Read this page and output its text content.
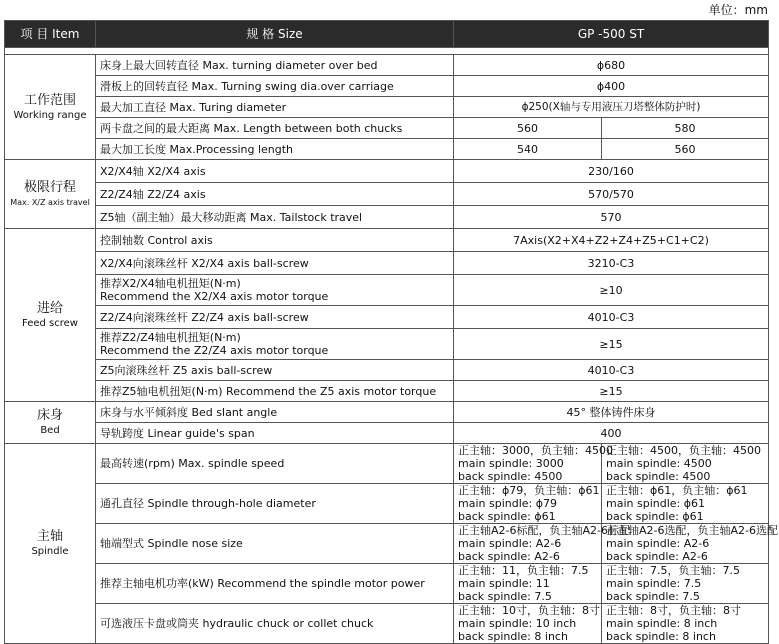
单位：mm
项 目 Item	规 格 Size	GP -500 ST	

工作范围
Working range	床身上最大回转直径 Max. turning diameter over bed	ϕ680	
	滑板上的回转直径 Max. Turning swing dia.over carriage	ϕ400	
	最大加工直径 Max. Turing diameter	ϕ250(X轴与专用液压刀塔整体防护时)	
	两卡盘之间的最大距离 Max. Length between both chucks	560	580
	最大加工长度 Max.Processing length	540	560

极限行程
Max. X/Z axis travel	X2/X4轴 X2/X4 axis	230/160	
	Z2/Z4轴 Z2/Z4 axis	570/570	
	Z5轴（副主轴）最大移动距离 Max. Tailstock travel	570	

进给
Feed screw	控制轴数 Control axis	7Axis(X2+X4+Z2+Z4+Z5+C1+C2)	
	X2/X4向滚珠丝杆 X2/X4 axis ball-screw	3210-C3	

	推荐X2/X4轴电机扭矩(N·m)
Recommend the X2/X4 axis motor torque	≥10	
	Z2/Z4向滚珠丝杆 Z2/Z4 axis ball-screw	4010-C3	

	推荐Z2/Z4轴电机扭矩(N·m)
Recommend the Z2/Z4 axis motor torque	≥15	
	Z5向滚珠丝杆 Z5 axis ball-screw	4010-C3	
	推荐Z5轴电机扭矩(N·m) Recommend the Z5 axis motor torque	≥15	

床身
Bed	床身与水平倾斜度 Bed slant angle	45° 整体铸件床身	
	导轨跨度 Linear guide's span	400	

主轴
Spindle	最高转速(rpm) Max. spindle speed	正主轴：3000，负主轴：4500
main spindle: 3000
back spindle: 4500	正主轴：4500，负主轴：4500
main spindle: 4500
back spindle: 4500

	通孔直径 Spindle through-hole diameter	正主轴：ϕ79，负主轴：ϕ61
main spindle: ϕ79
back spindle: ϕ61	正主轴：ϕ61，负主轴：ϕ61
main spindle: ϕ61
back spindle: ϕ61

	轴端型式 Spindle nose size	正主轴A2-6标配，负主轴A2-6标配
main spindle: A2-6
back spindle: A2-6	正主轴A2-6选配，负主轴A2-6选配
main spindle: A2-6
back spindle: A2-6

	推荐主轴电机功率(kW) Recommend the spindle motor power	正主轴：11，负主轴：7.5
main spindle: 11
back spindle: 7.5	正主轴：7.5，负主轴：7.5
main spindle: 7.5
back spindle: 7.5

	可选液压卡盘或筒夹 hydraulic chuck or collet chuck	正主轴：10寸，负主轴：8寸
main spindle: 10 inch
back spindle: 8 inch	正主轴：8寸，负主轴：8寸
main spindle: 8 inch
back spindle: 8 inch
